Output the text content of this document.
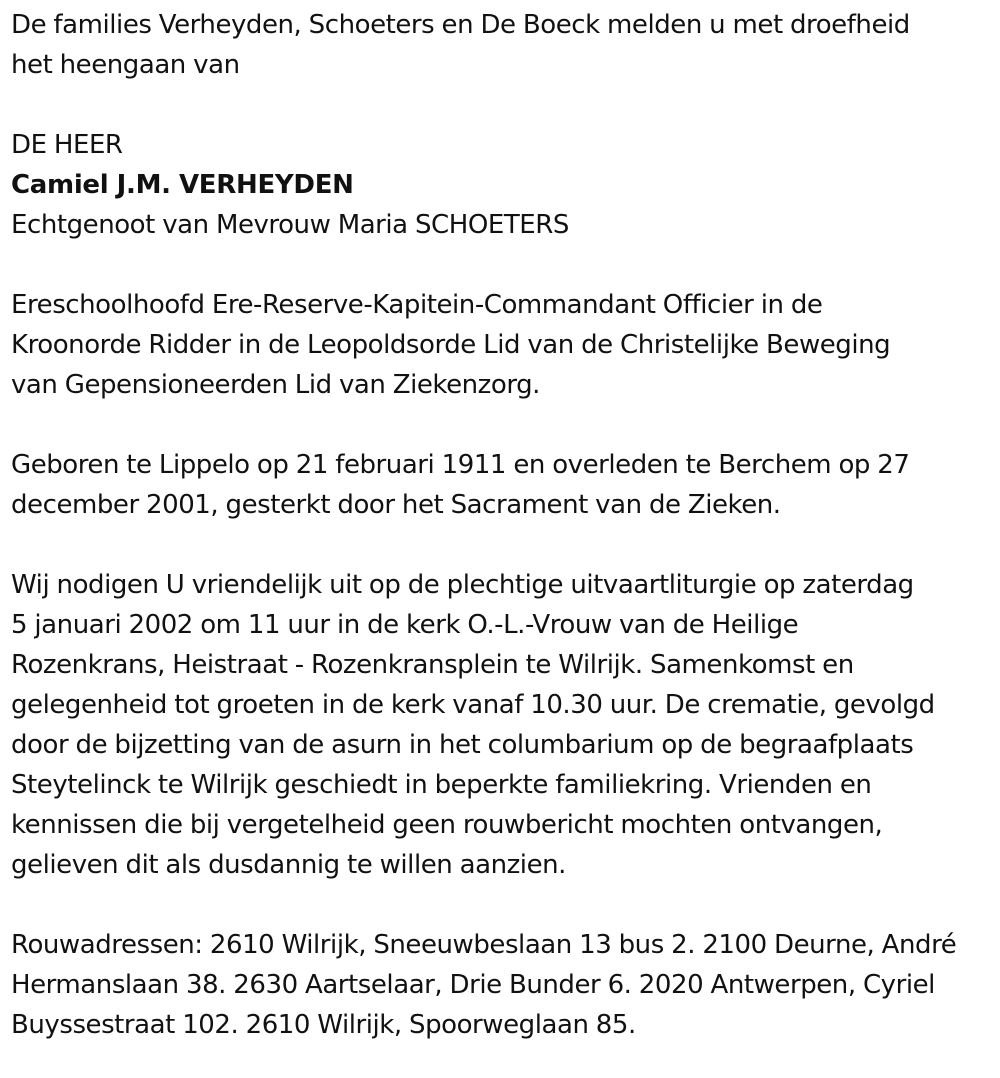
De families Verheyden, Schoeters en De Boeck melden u met droefheid
het heengaan van

DE HEER

Camiel J.M. VERHEYDEN

Echtgenoot van Mevrouw Maria SCHOETERS

Ereschoolhoofd Ere-Reserve-Kapitein-Commandant Officier in de
Kroonorde Ridder in de Leopoldsorde Lid van de Christelijke Beweging
van Gepensioneerden Lid van Ziekenzorg.

Geboren te Lippelo op 21 februari 1911 en overleden te Berchem op 27
december 2001, gesterkt door het Sacrament van de Zieken.

Wij nodigen U vriendelijk uit op de plechtige uitvaartliturgie op zaterdag
5 januari 2002 om 11 uur in de kerk O.-L.-Vrouw van de Heilige
Rozenkrans, Heistraat - Rozenkransplein te Wilrijk. Samenkomst en
gelegenheid tot groeten in de kerk vanaf 10.30 uur. De crematie, gevolgd
door de bijzetting van de asurn in het columbarium op de begraafplaats
Steytelinck te Wilrijk geschiedt in beperkte familiekring. Vrienden en
kennissen die bij vergetelheid geen rouwbericht mochten ontvangen,
gelieven dit als dusdannig te willen aanzien.

Rouwadressen: 2610 Wilrijk, Sneeuwbeslaan 13 bus 2. 2100 Deurne, André
Hermanslaan 38. 2630 Aartselaar, Drie Bunder 6. 2020 Antwerpen, Cyriel
Buyssestraat 102. 2610 Wilrijk, Spoorweglaan 85.
